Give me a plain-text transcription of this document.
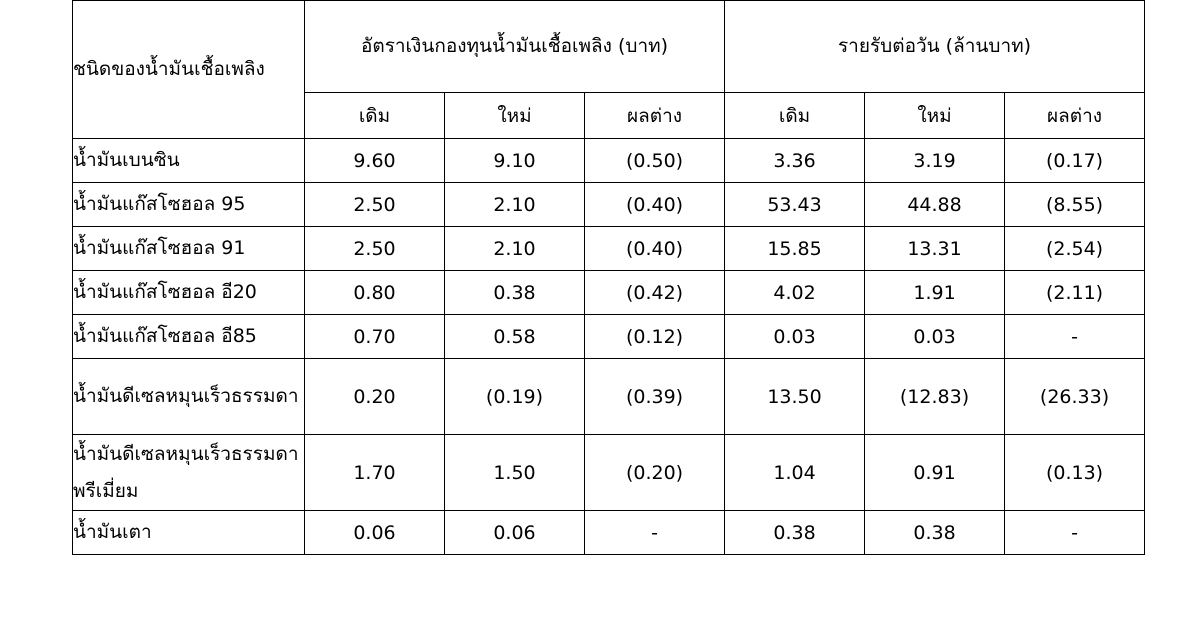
ชนิดของน้ำมันเชื้อเพลิง	อัตราเงินกองทุนน้ำมันเชื้อเพลิง (บาท)			รายรับต่อวัน (ล้านบาท)		
	เดิม	ใหม่	ผลต่าง	เดิม	ใหม่	ผลต่าง
น้ำมันเบนซิน	9.60	9.10	(0.50)	3.36	3.19	(0.17)
น้ำมันแก๊สโซฮอล 95	2.50	2.10	(0.40)	53.43	44.88	(8.55)
น้ำมันแก๊สโซฮอล 91	2.50	2.10	(0.40)	15.85	13.31	(2.54)
น้ำมันแก๊สโซฮอล อี20	0.80	0.38	(0.42)	4.02	1.91	(2.11)
น้ำมันแก๊สโซฮอล อี85	0.70	0.58	(0.12)	0.03	0.03	-
น้ำมันดีเซลหมุนเร็วธรรมดา	0.20	(0.19)	(0.39)	13.50	(12.83)	(26.33)
น้ำมันดีเซลหมุนเร็วธรรมดา พรีเมี่ยม	1.70	1.50	(0.20)	1.04	0.91	(0.13)
น้ำมันเตา	0.06	0.06	-	0.38	0.38	-
